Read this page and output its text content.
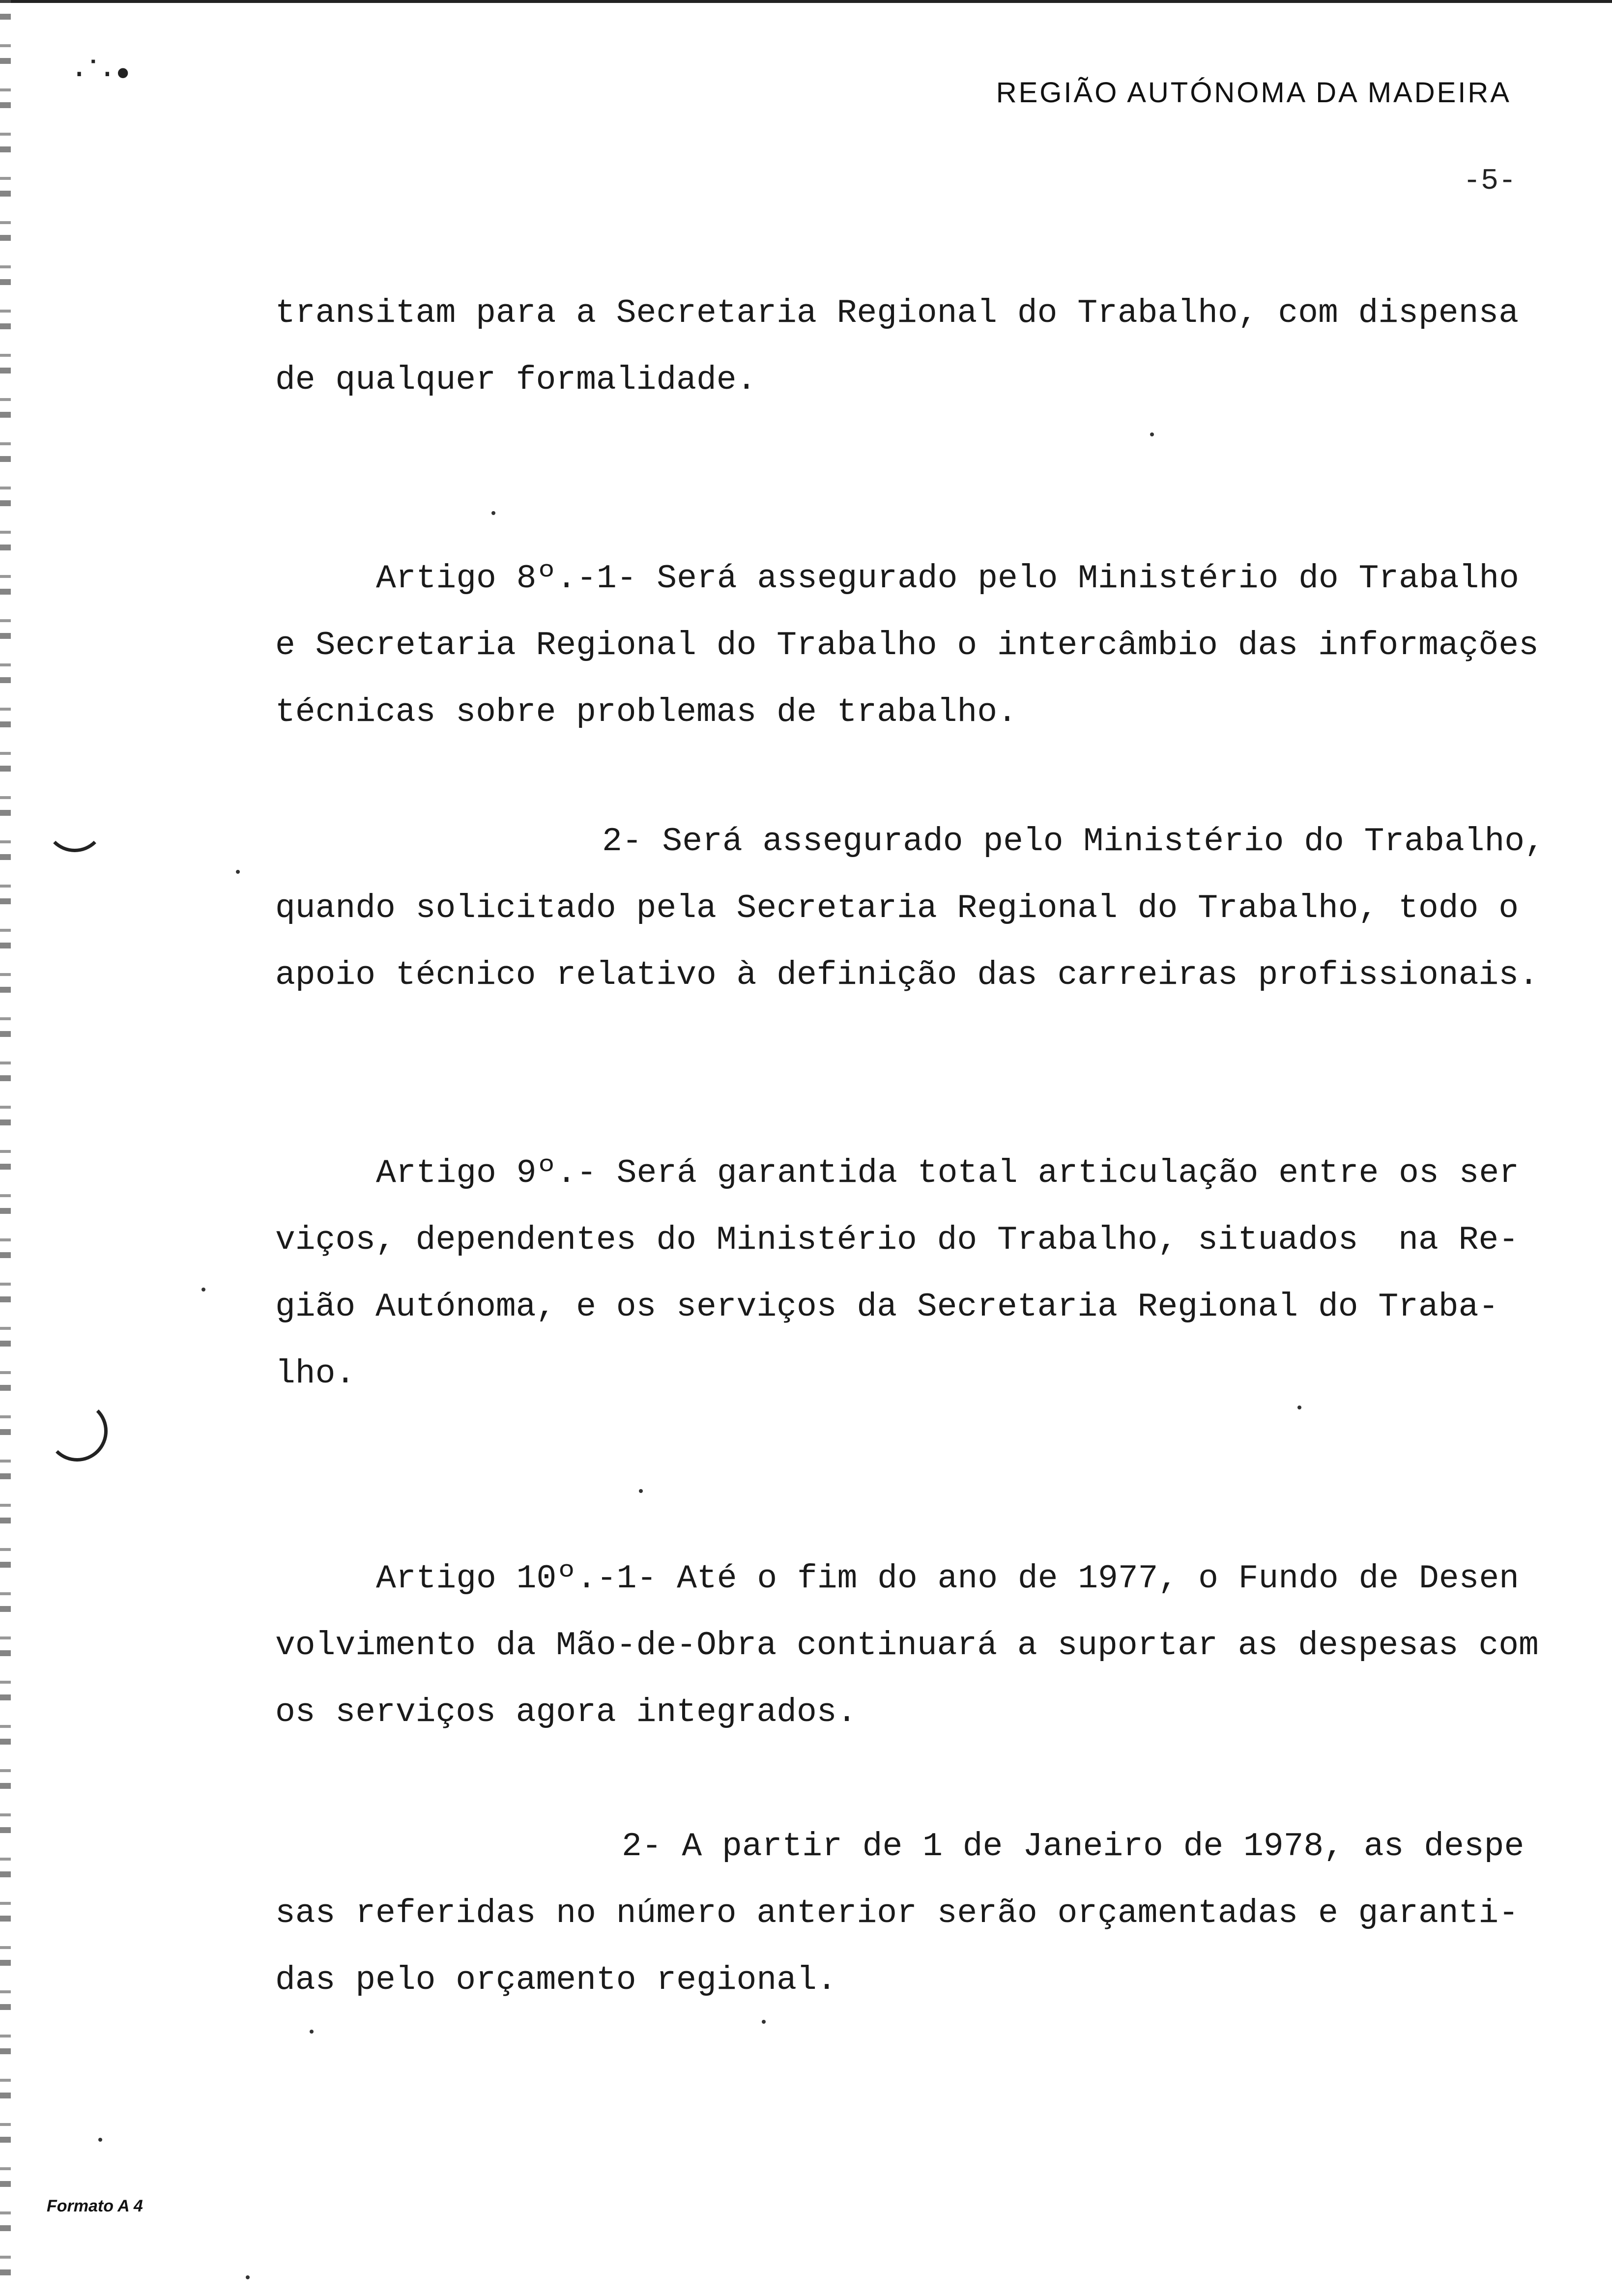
·˙·•	REGIÃO AUTÓNOMA DA MADEIRA
-5-
transitam para a Secretaria Regional do Trabalho, com dispensa
de qualquer formalidade.
Artigo 8º.-1- Será assegurado pelo Ministério do Trabalho
e Secretaria Regional do Trabalho o intercâmbio das informações
técnicas sobre problemas de trabalho.
2- Será assegurado pelo Ministério do Trabalho,
quando solicitado pela Secretaria Regional do Trabalho, todo o
apoio técnico relativo à definição das carreiras profissionais.
Artigo 9º.- Será garantida total articulação entre os ser
viços, dependentes do Ministério do Trabalho, situados  na Re-
gião Autónoma, e os serviços da Secretaria Regional do Traba-
lho.
Artigo 10º.-1- Até o fim do ano de 1977, o Fundo de Desen
volvimento da Mão-de-Obra continuará a suportar as despesas com
os serviços agora integrados.
2- A partir de 1 de Janeiro de 1978, as despe
sas referidas no número anterior serão orçamentadas e garanti-
das pelo orçamento regional.
Formato A 4
